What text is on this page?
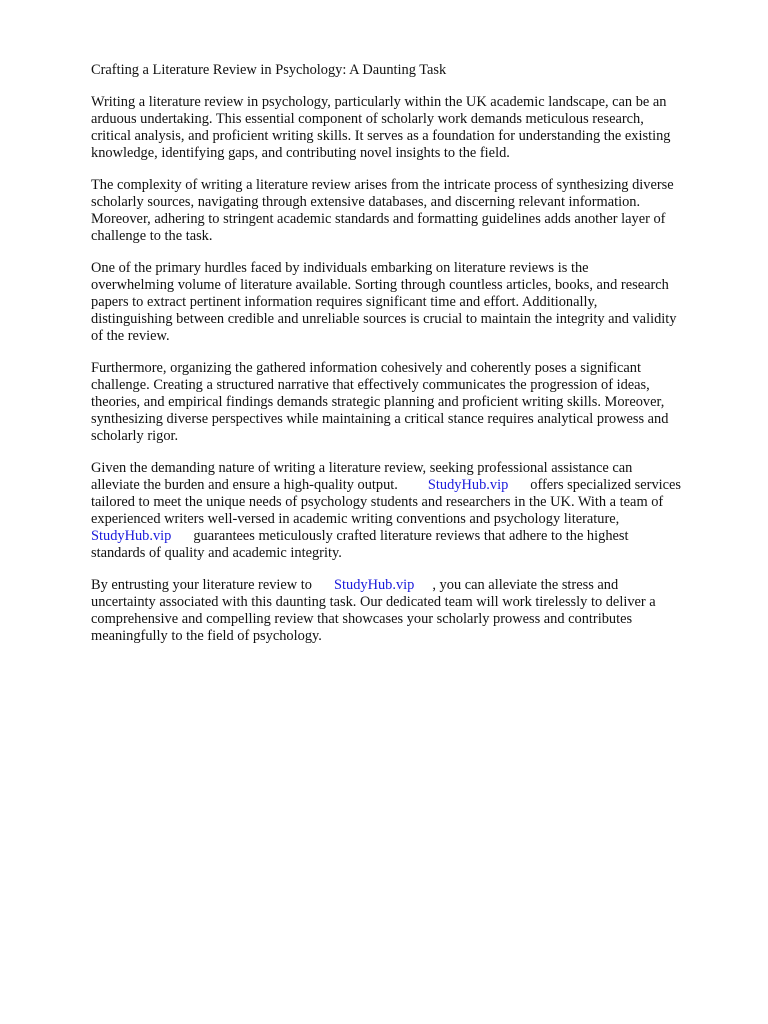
Crafting a Literature Review in Psychology: A Daunting Task
Writing a literature review in psychology, particularly within the UK academic landscape, can be an
arduous undertaking. This essential component of scholarly work demands meticulous research,
critical analysis, and proficient writing skills. It serves as a foundation for understanding the existing
knowledge, identifying gaps, and contributing novel insights to the field.
The complexity of writing a literature review arises from the intricate process of synthesizing diverse
scholarly sources, navigating through extensive databases, and discerning relevant information.
Moreover, adhering to stringent academic standards and formatting guidelines adds another layer of
challenge to the task.
One of the primary hurdles faced by individuals embarking on literature reviews is the
overwhelming volume of literature available. Sorting through countless articles, books, and research
papers to extract pertinent information requires significant time and effort. Additionally,
distinguishing between credible and unreliable sources is crucial to maintain the integrity and validity
of the review.
Furthermore, organizing the gathered information cohesively and coherently poses a significant
challenge. Creating a structured narrative that effectively communicates the progression of ideas,
theories, and empirical findings demands strategic planning and proficient writing skills. Moreover,
synthesizing diverse perspectives while maintaining a critical stance requires analytical prowess and
scholarly rigor.
Given the demanding nature of writing a literature review, seeking professional assistance can
alleviate the burden and ensure a high-quality output. StudyHub.vip offers specialized services
tailored to meet the unique needs of psychology students and researchers in the UK. With a team of
experienced writers well-versed in academic writing conventions and psychology literature,
StudyHub.vip guarantees meticulously crafted literature reviews that adhere to the highest
standards of quality and academic integrity.
By entrusting your literature review to StudyHub.vip , you can alleviate the stress and
uncertainty associated with this daunting task. Our dedicated team will work tirelessly to deliver a
comprehensive and compelling review that showcases your scholarly prowess and contributes
meaningfully to the field of psychology.
